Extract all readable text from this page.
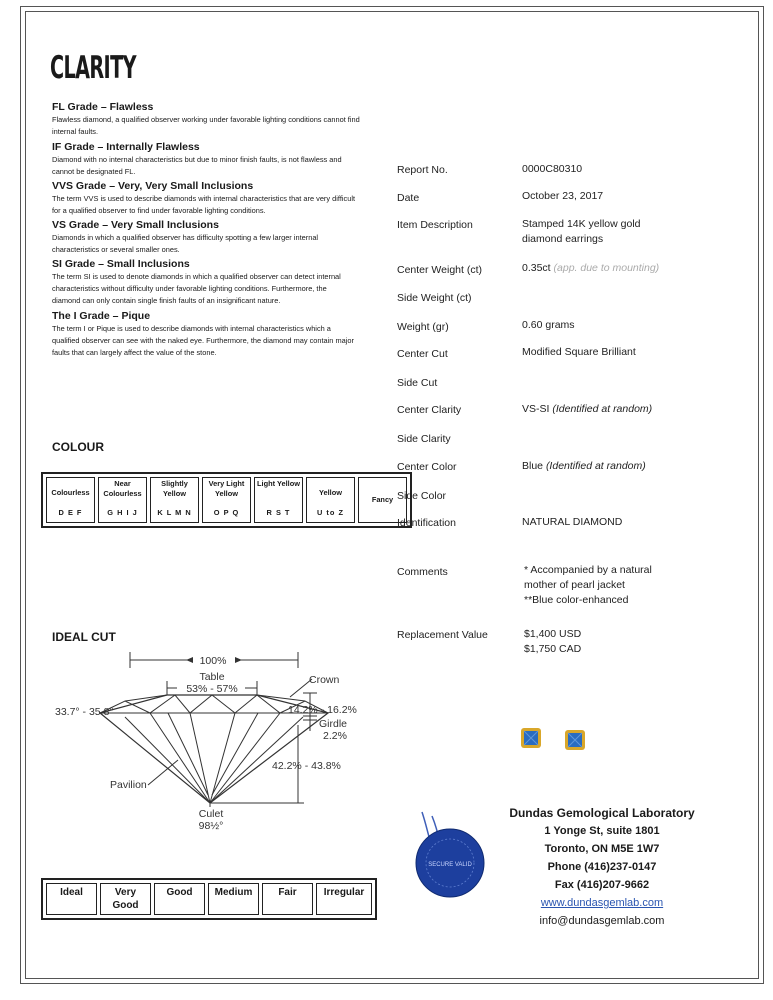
CLARITY
FL Grade – Flawless
Flawless diamond, a qualified observer working under favorable lighting conditions cannot find internal faults.
IF Grade – Internally Flawless
Diamond with no internal characteristics but due to minor finish faults, is not flawless and cannot be designated FL.
VVS Grade – Very, Very Small Inclusions
The term VVS is used to describe diamonds with internal characteristics that are very difficult for a qualified observer to find under favorable lighting conditions.
VS Grade – Very Small Inclusions
Diamonds in which a qualified observer has difficulty spotting a few larger internal characteristics or several smaller ones.
SI Grade – Small Inclusions
The term SI is used to denote diamonds in which a qualified observer can detect internal characteristics without difficulty under favorable lighting conditions. Furthermore, the diamond can only contain single finish faults of an insignificant nature.
The I Grade – Pique
The term I or Pique is used to describe diamonds with internal characteristics which a qualified observer can see with the naked eye. Furthermore, the diamond may contain major faults that can largely affect the value of the stone.
COLOUR
Colourless
D E F

Near Colourless
G H I J

Slightly Yellow
K L M N

Very Light Yellow
O P Q

Light Yellow
R S T

Yellow
U to Z

Fancy
IDEAL CUT
100%
Table
53% - 57%
Crown
33.7° - 35.8°	14.2% - 16.2%
Girdle
2.2%
42.2% - 43.8%
Pavilion
Culet
98½°
Ideal	Very Good	Good	Medium	Fair	Irregular
Report No.	0000C80310
Date	October 23, 2017
Item Description	Stamped 14K yellow gold
diamond earrings
Center Weight (ct)	0.35ct (app. due to mounting)
Side Weight (ct)
Weight (gr)	0.60 grams
Center Cut	Modified Square Brilliant
Side Cut
Center Clarity	VS-SI (Identified at random)
Side Clarity
Center Color	Blue (Identified at random)
Side Color
Identification	NATURAL DIAMOND
Comments	* Accompanied by a natural
mother of pearl jacket
**Blue color-enhanced
Replacement Value	$1,400 USD
$1,750 CAD
SECURE VALID
Dundas Gemological Laboratory
1 Yonge St, suite 1801
Toronto, ON M5E 1W7
Phone (416)237-0147
Fax (416)207-9662
www.dundasgemlab.com
info@dundasgemlab.com
